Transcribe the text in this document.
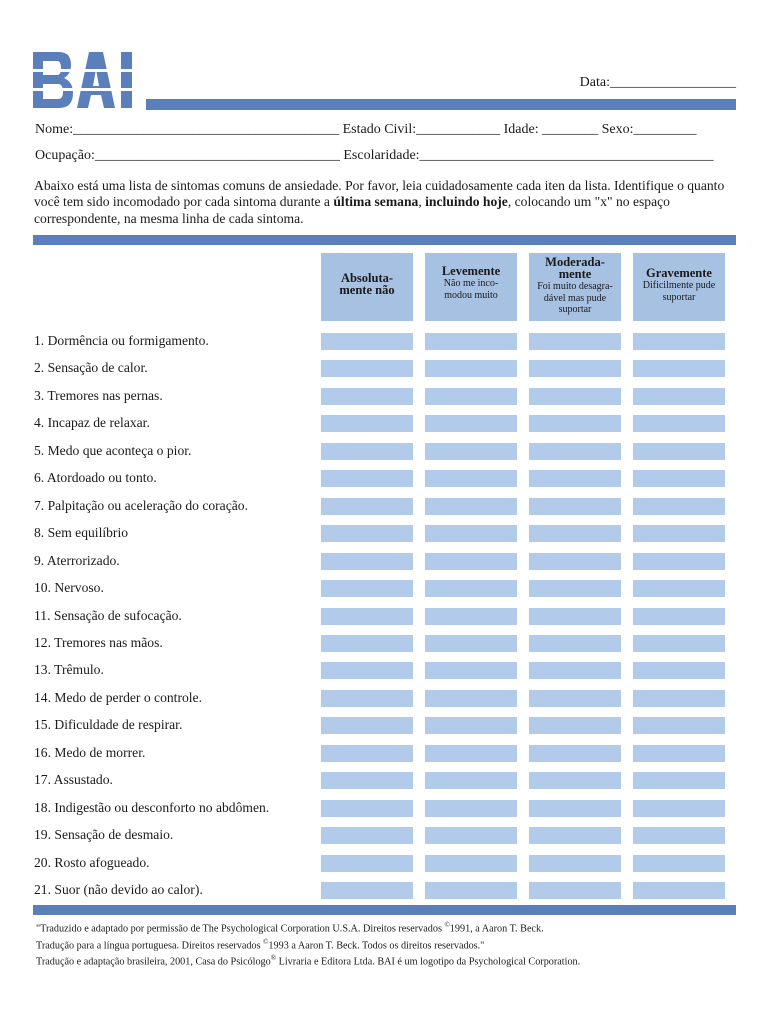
Data:__________________
Nome:______________________________________ Estado Civil:____________ Idade: ________ Sexo:_________
Ocupação:___________________________________ Escolaridade:__________________________________________
Abaixo está uma lista de sintomas comuns de ansiedade. Por favor, leia cuidadosamente cada iten da lista. Identifique o quanto você tem sido incomodado por cada sintoma durante a última semana, incluindo hoje, colocando um "x" no espaço correspondente, na mesma linha de cada sintoma.
Absoluta-
mente não
Levemente
Não me inco-
modou muito
Moderada-
mente
Foi muito desagra-
dável mas pude
suportar
Gravemente
Dificilmente pude
suportar
1. Dormência ou formigamento.
2. Sensação de calor.
3. Tremores nas pernas.
4. Incapaz de relaxar.
5. Medo que aconteça o pior.
6. Atordoado ou tonto.
7. Palpitação ou aceleração do coração.
8. Sem equilíbrio
9. Aterrorizado.
10. Nervoso.
11. Sensação de sufocação.
12. Tremores nas mãos.
13. Trêmulo.
14. Medo de perder o controle.
15. Dificuldade de respirar.
16. Medo de morrer.
17. Assustado.
18. Indigestão ou desconforto no abdômen.
19. Sensação de desmaio.
20. Rosto afogueado.
21. Suor (não devido ao calor).
"Traduzido e adaptado por permissão de The Psychological Corporation U.S.A. Direitos reservados ©1991, a Aaron T. Beck.
Tradução para a língua portuguesa. Direitos reservados ©1993 a Aaron T. Beck. Todos os direitos reservados."
Tradução e adaptação brasileira, 2001, Casa do Psicólogo® Livraria e Editora Ltda. BAI é um logotipo da Psychological Corporation.
